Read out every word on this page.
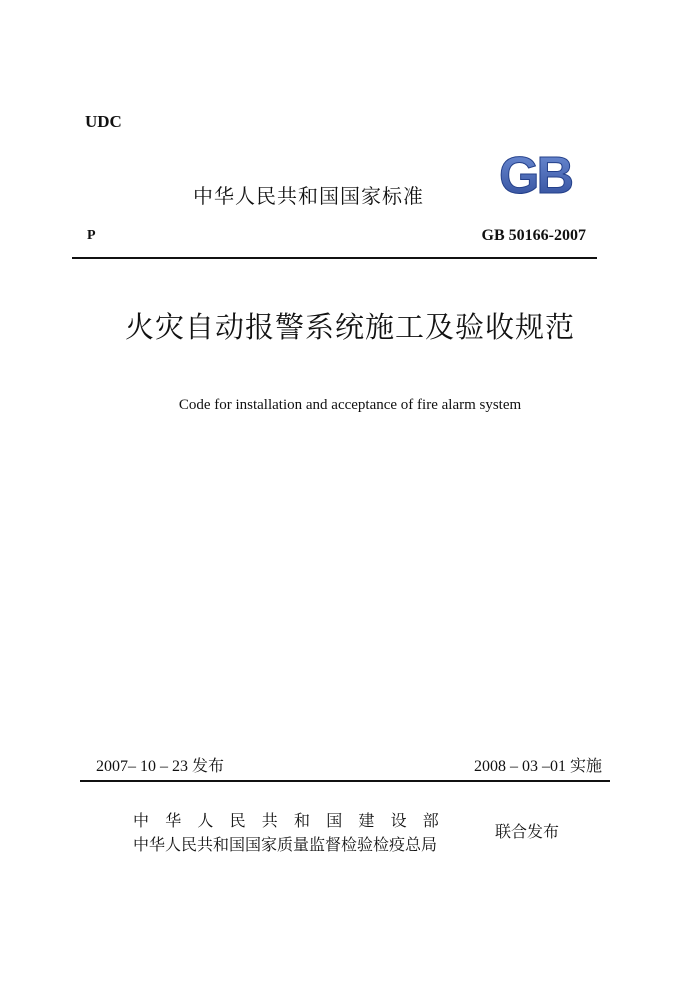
UDC
中华人民共和国国家标准 GB
P	GB 50166-2007
火灾自动报警系统施工及验收规范
Code for installation and acceptance of fire alarm system
2007– 10 – 23 发布	2008 – 03 –01 实施
中华人民共和国建设部
中华人民共和国国家质量监督检验检疫总局
联合发布
